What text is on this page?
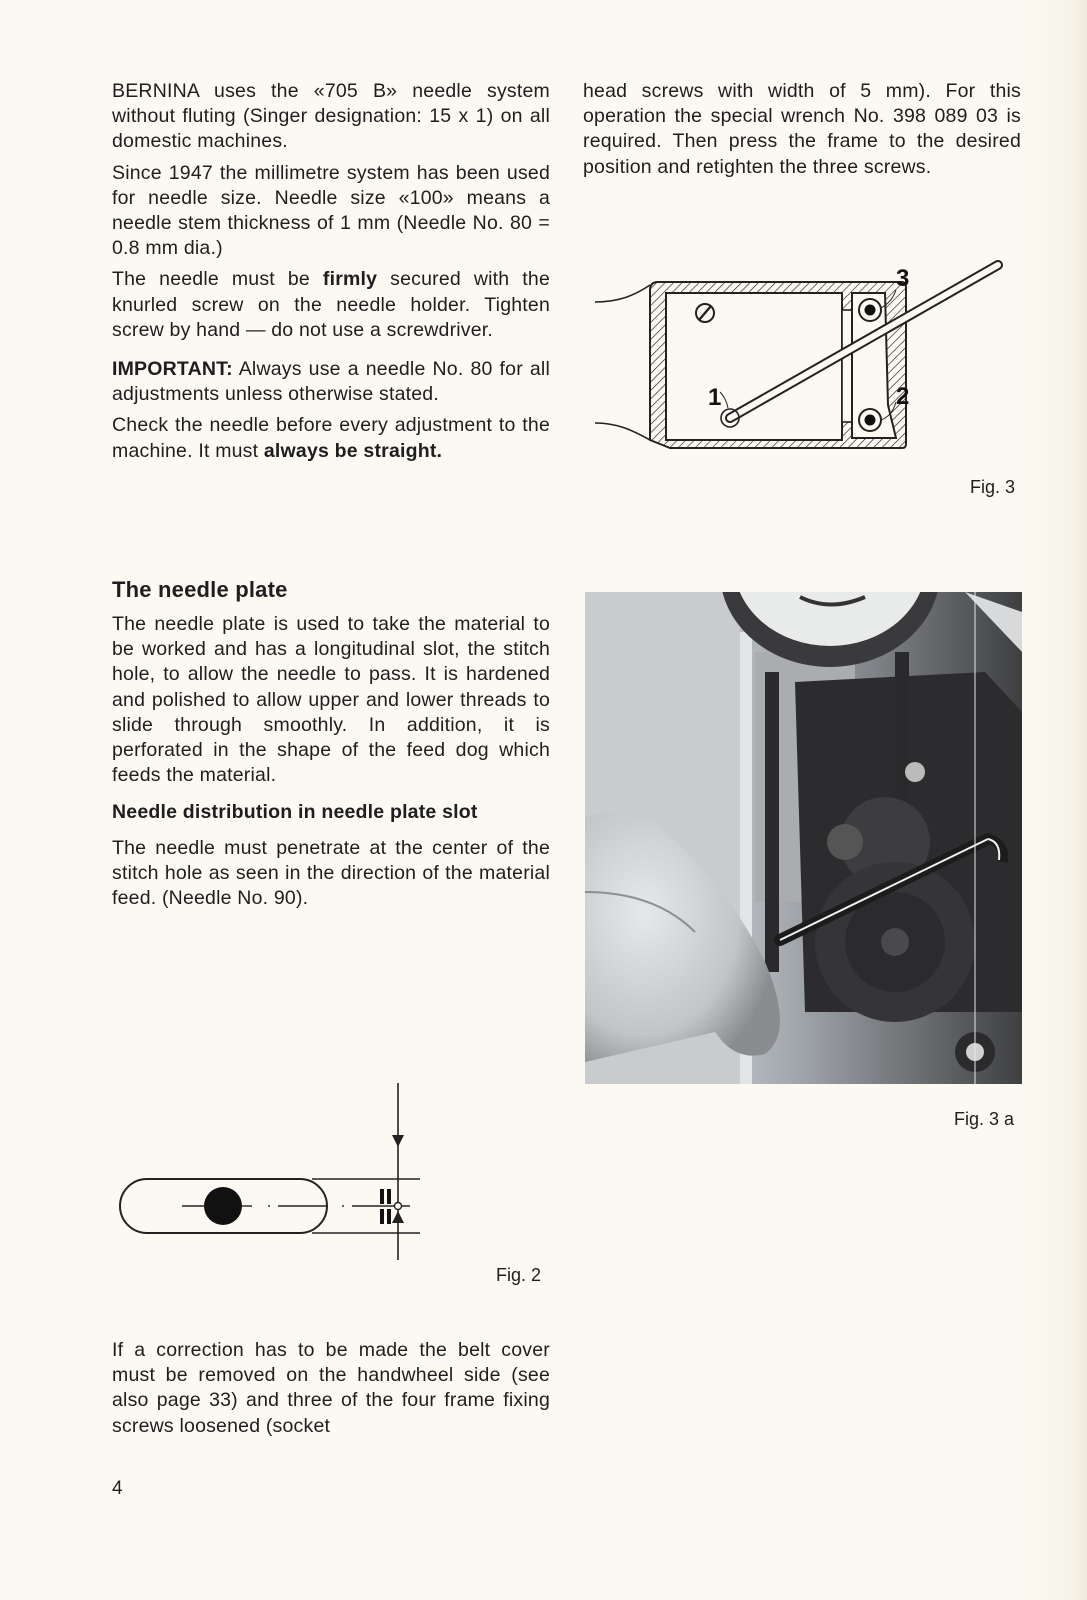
BERNINA uses the «705 B» needle system without fluting (Singer designation: 15 x 1) on all domestic machines.

Since 1947 the millimetre system has been used for needle size. Needle size «100» means a needle stem thickness of 1 mm (Needle No. 80 = 0.8 mm dia.)

The needle must be firmly secured with the knurled screw on the needle holder. Tighten screw by hand — do not use a screwdriver.

IMPORTANT: Always use a needle No. 80 for all adjustments unless otherwise stated.

Check the needle before every adjustment to the machine. It must always be straight.

The needle plate

The needle plate is used to take the material to be worked and has a longitudinal slot, the stitch hole, to allow the needle to pass. It is hardened and polished to allow upper and lower threads to slide through smoothly. In addition, it is perforated in the shape of the feed dog which feeds the material.

Needle distribution in needle plate slot

The needle must penetrate at the center of the stitch hole as seen in the direction of the material feed. (Needle No. 90).

Fig. 2

If a correction has to be made the belt cover must be removed on the handwheel side (see also page 33) and three of the four frame fixing screws loosened (socket

head screws with width of 5 mm). For this operation the special wrench No. 398 089 03 is required. Then press the frame to the desired position and retighten the three screws.

1	2
3
Fig. 3
Fig. 3 a
4
